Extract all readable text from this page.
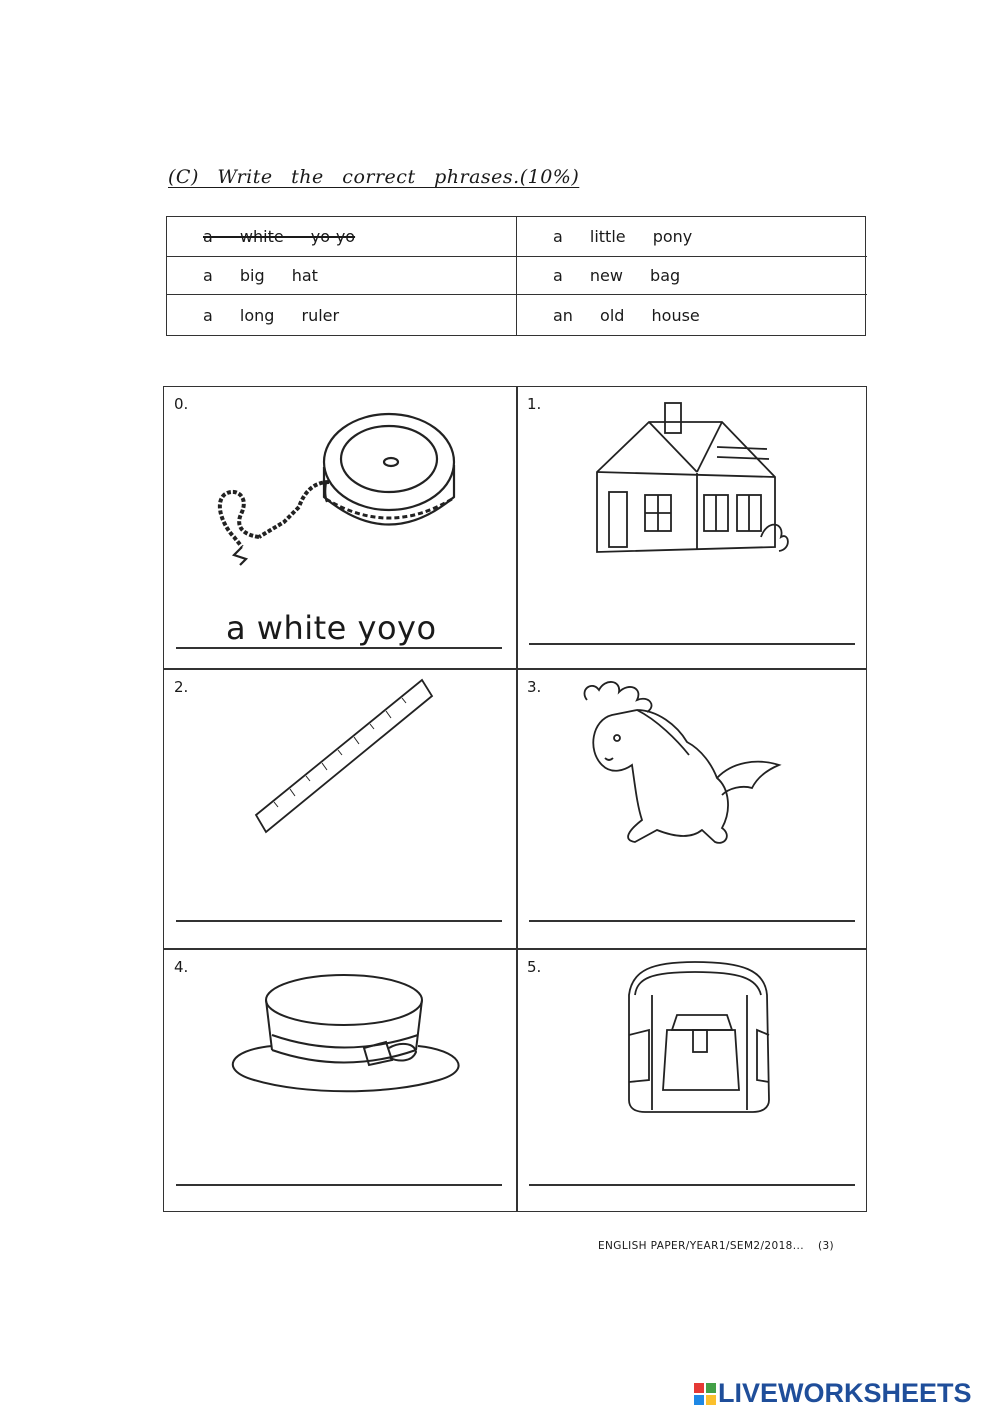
(C) Write the correct phrases.(10%)
a white yo-yo	a little pony
a big hat	a new bag
a long ruler	an old house
0.
a white yoyo
1.
2.	3.
4.	5.
ENGLISH PAPER/YEAR1/SEM2/2018... (3)
LIVEWORKSHEETS
